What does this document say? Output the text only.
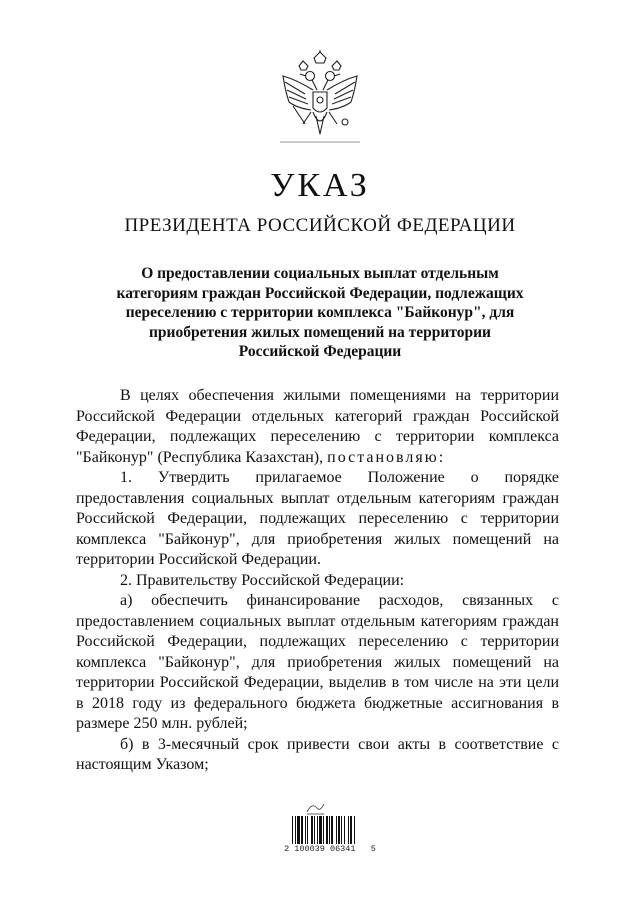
УКАЗ
ПРЕЗИДЕНТА РОССИЙСКОЙ ФЕДЕРАЦИИ
О предоставлении социальных выплат отдельным
категориям граждан Российской Федерации, подлежащих
переселению с территории комплекса "Байконур", для
приобретения жилых помещений на территории
Российской Федерации

В целях обеспечения жилыми помещениями на территории Российской Федерации отдельных категорий граждан Российской Федерации, подлежащих переселению с территории комплекса "Байконур" (Республика Казахстан), постановляю:

1. Утвердить прилагаемое Положение о порядке предоставления социальных выплат отдельным категориям граждан Российской Федерации, подлежащих переселению с территории комплекса "Байконур", для приобретения жилых помещений на территории Российской Федерации.

2. Правительству Российской Федерации:

а) обеспечить финансирование расходов, связанных с предоставлением социальных выплат отдельным категориям граждан Российской Федерации, подлежащих переселению с территории комплекса "Байконур", для приобретения жилых помещений на территории Российской Федерации, выделив в том числе на эти цели в 2018 году из федерального бюджета бюджетные ассигнования в размере 250 млн. рублей;

б) в 3-месячный срок привести свои акты в соответствие с настоящим Указом;

2 100039 06341   5
